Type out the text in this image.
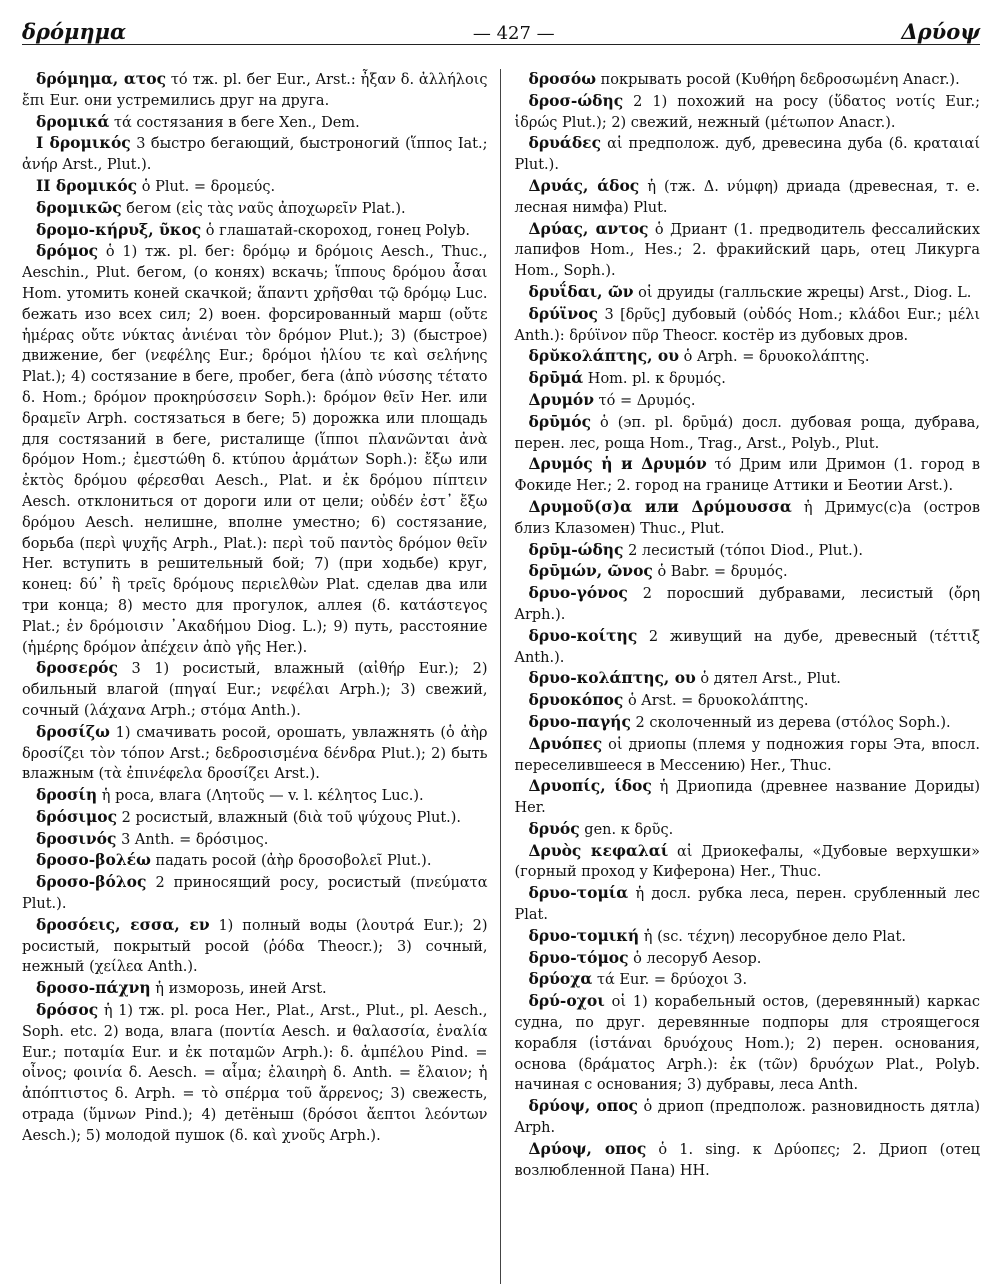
δρόμημα	— 427 —	Δρύοψ

δρόμημα, ατος τό тж. pl. бег Eur., Arst.: ἦξαν δ. ἀλλήλοις ἔπι Eur. они устремились друг на друга.

δρομικά τά состязания в беге Xen., Dem.

I δρομικός 3 быстро бегающий, быстроногий (ἵππος Iat.; ἀνήρ Arst., Plut.).

II δρομικός ὁ Plut. = δρομεύς.

δρομικῶς бегом (εἰς τὰς ναῦς ἀποχωρεῖν Plat.).

δρομο-κήρυξ, ῦκος ὁ глашатай-скороход, гонец Polyb.

δρόμος ὁ 1) тж. pl. бег: δρόμῳ и δρόμοις Aesch., Thuc., Aeschin., Plut. бегом, (о конях) вскачь; ἵππους δρόμου ἆσαι Hom. утомить коней скачкой; ἅπαντι χρῆσθαι τῷ δρόμῳ Luc. бежать изо всех сил; 2) воен. форсированный марш (οὔτε ἡμέρας οὔτε νύκτας ἀνιέναι τὸν δρόμον Plut.); 3) (быстрое) движение, бег (νεφέλης Eur.; δρόμοι ἡλίου τε καὶ σελήνης Plat.); 4) состязание в беге, пробег, бега (ἀπὸ νύσσης τέτατο δ. Hom.; δρόμον προκηρύσσειν Soph.): δρόμον θεῖν Her. или δραμεῖν Arph. состязаться в беге; 5) дорожка или площадь для состязаний в беге, ристалище (ἵπποι πλανῶνται ἀνὰ δρόμον Hom.; ἐμεστώθη δ. κτύπου ἁρμάτων Soph.): ἔξω или ἐκτὸς δρόμου φέρεσθαι Aesch., Plat. и ἐκ δρόμου πίπτειν Aesch. отклониться от дороги или от цели; οὐδέν ἐστ᾽ ἔξω δρόμου Aesch. нелишне, вполне уместно; 6) состязание, борьба (περὶ ψυχῆς Arph., Plat.): περὶ τοῦ παντὸς δρόμον θεῖν Her. вступить в решительный бой; 7) (при ходьбе) круг, конец: δύ᾽ ἢ τρεῖς δρόμους περιελθὼν Plat. сделав два или три конца; 8) место для прогулок, аллея (δ. κατάστεγος Plat.; ἐν δρόμοισιν ᾽Ακαδήμου Diog. L.); 9) путь, расстояние (ἡμέρης δρόμον ἀπέχειν ἀπὸ γῆς Her.).

δροσερός 3 1) росистый, влажный (αἰθήρ Eur.); 2) обильный влагой (πηγαί Eur.; νεφέλαι Arph.); 3) свежий, сочный (λάχανα Arph.; στόμα Anth.).

δροσίζω 1) смачивать росой, орошать, увлажнять (ὁ ἀὴρ δροσίζει τὸν τόπον Arst.; δεδροσισμένα δένδρα Plut.); 2) быть влажным (τὰ ἐπινέφελα δροσίζει Arst.).

δροσίη ἡ роса, влага (Λητοῦς — v. l. κέλητος Luc.).

δρόσιμος 2 росистый, влажный (διὰ τοῦ ψύχους Plut.).

δροσινός 3 Anth. = δρόσιμος.

δροσο-βολέω падать росой (ἀὴρ δροσοβολεῖ Plut.).

δροσο-βόλος 2 приносящий росу, росистый (πνεύματα Plut.).

δροσόεις, εσσα, εν 1) полный воды (λουτρά Eur.); 2) росистый, покрытый росой (ῥόδα Theocr.); 3) сочный, нежный (χείλεα Anth.).

δροσο-πάχνη ἡ изморозь, иней Arst.

δρόσος ἡ 1) тж. pl. роса Her., Plat., Arst., Plut., pl. Aesch., Soph. etc. 2) вода, влага (ποντία Aesch. и θαλασσία, ἐναλία Eur.; ποταμία Eur. и ἐκ ποταμῶν Arph.): δ. ἀμπέλου Pind. = οἶνος; φοινία δ. Aesch. = αἷμα; ἐλαιηρὴ δ. Anth. = ἔλαιον; ἡ ἀπόπτιστος δ. Arph. = τὸ σπέρμα τοῦ ἄρρενος; 3) свежесть, отрада (ὕμνων Pind.); 4) детёныш (δρόσοι ἄεπτοι λεόντων Aesch.); 5) молодой пушок (δ. καὶ χνοῦς Arph.).

δροσόω покрывать росой (Κυθήρη δεδροσωμένη Anacr.).

δροσ-ώδης 2 1) похожий на росу (ὕδατος νοτίς Eur.; ἱδρώς Plut.); 2) свежий, нежный (μέτωπον Anacr.).

δρυάδες αἱ предполож. дуб, древесина дуба (δ. κραταιαί Plut.).

Δρυάς, άδος ἡ (тж. Δ. νύμφη) дриада (древесная, т. е. лесная нимфа) Plut.

Δρύας, αντος ὁ Дриант (1. предводитель фессалийских лапифов Hom., Hes.; 2. фракийский царь, отец Ликурга Hom., Soph.).

δρυΐδαι, ῶν οἱ друиды (галльские жрецы) Arst., Diog. L.

δρύϊνος 3 [δρῦς] дубовый (οὐδός Hom.; κλάδοι Eur.; μέλι Anth.): δρύϊνον πῦρ Theocr. костёр из дубовых дров.

δρῠκολάπτης, ου ὁ Arph. = δρυοκολάπτης.

δρῡμά Hom. pl. к δρυμός.

Δρυμόν τό = Δρυμός.

δρῡμός ὁ (эп. pl. δρῡμά) досл. дубовая роща, дубрава, перен. лес, роща Hom., Trag., Arst., Polyb., Plut.

Δρυμός ἡ и Δρυμόν τό Дрим или Дримон (1. город в Фокиде Her.; 2. город на границе Аттики и Беотии Arst.).

Δρυμοῦ(σ)α или Δρύμουσσα ἡ Дримус(с)а (остров близ Клазомен) Thuc., Plut.

δρῡμ-ώδης 2 лесистый (τόποι Diod., Plut.).

δρῡμών, ῶνος ὁ Babr. = δρυμός.

δρυο-γόνος 2 поросший дубравами, лесистый (ὄρη Arph.).

δρυο-κοίτης 2 живущий на дубе, древесный (τέττιξ Anth.).

δρυο-κολάπτης, ου ὁ дятел Arst., Plut.

δρυοκόπος ὁ Arst. = δρυοκολάπτης.

δρυο-παγής 2 сколоченный из дерева (στόλος Soph.).

Δρυόπες οἱ дриопы (племя у подножия горы Эта, впосл. переселившееся в Мессению) Her., Thuc.

Δρυοπίς, ίδος ἡ Дриопида (древнее название Дориды) Her.

δρυός gen. к δρῦς.

Δρυὸς κεφαλαί αἱ Дриокефалы, «Дубовые верхушки» (горный проход у Киферона) Her., Thuc.

δρυο-τομία ἡ досл. рубка леса, перен. срубленный лес Plat.

δρυο-τομική ἡ (sc. τέχνη) лесорубное дело Plat.

δρυο-τόμος ὁ лесоруб Aesop.

δρύοχα τά Eur. = δρύοχοι 3.

δρύ-οχοι οἱ 1) корабельный остов, (деревянный) каркас судна, по друг. деревянные подпоры для строящегося корабля (ἱστάναι δρυόχους Hom.); 2) перен. основания, основа (δράματος Arph.): ἐκ (τῶν) δρυόχων Plat., Polyb. начиная с основания; 3) дубравы, леса Anth.

δρύοψ, οπος ὁ дриоп (предполож. разновидность дятла) Arph.

Δρύοψ, οπος ὁ 1. sing. к Δρύοπες; 2. Дриоп (отец возлюбленной Пана) HH.
